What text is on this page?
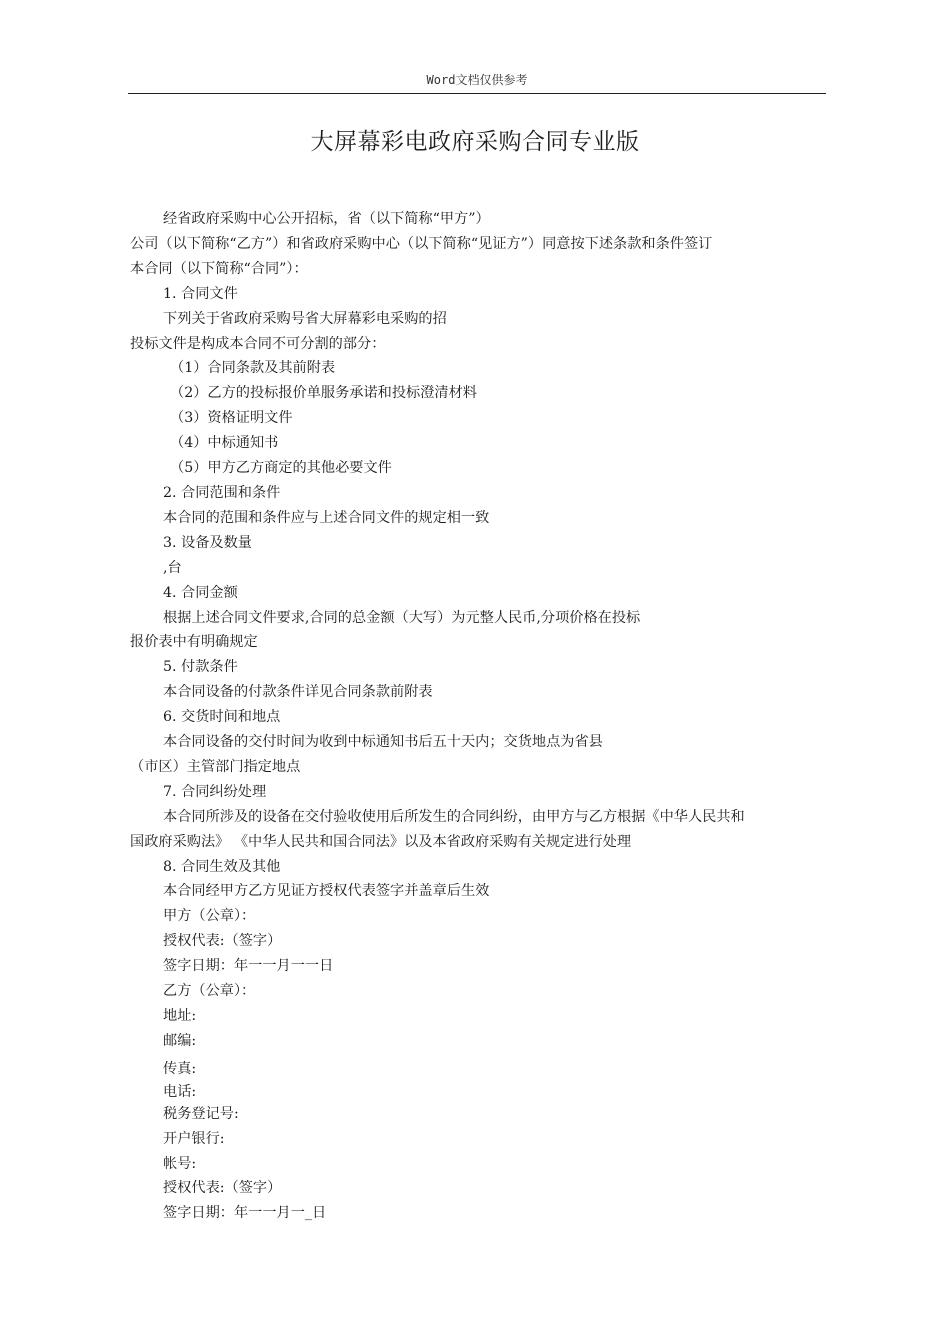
Word文档仅供参考
大屏幕彩电政府采购合同专业版

经省政府采购中心公开招标，省（以下简称“甲方”）

公司（以下简称“乙方”）和省政府采购中心（以下简称“见证方”）同意按下述条款和条件签订

本合同（以下简称“合同”）：

1. 合同文件

下列关于省政府采购号省大屏幕彩电采购的招

投标文件是构成本合同不可分割的部分：

（1）合同条款及其前附表

（2）乙方的投标报价单服务承诺和投标澄清材料

（3）资格证明文件

（4）中标通知书

（5）甲方乙方商定的其他必要文件

2. 合同范围和条件

本合同的范围和条件应与上述合同文件的规定相一致

3. 设备及数量

,台

4. 合同金额

根据上述合同文件要求,合同的总金额（大写）为元整人民币,分项价格在投标

报价表中有明确规定

5. 付款条件

本合同设备的付款条件详见合同条款前附表

6. 交货时间和地点

本合同设备的交付时间为收到中标通知书后五十天内；交货地点为省县

（市区）主管部门指定地点

7. 合同纠纷处理

本合同所涉及的设备在交付验收使用后所发生的合同纠纷，由甲方与乙方根据《中华人民共和

国政府采购法》 《中华人民共和国合同法》以及本省政府采购有关规定进行处理

8. 合同生效及其他

本合同经甲方乙方见证方授权代表签字并盖章后生效

甲方（公章）：

授权代表:（签字）

签字日期：年一一月一一日

乙方（公章）：

地址:

邮编:

传真:

电话:

税务登记号:

开户银行:

帐号:

授权代表:（签字）

签字日期：年一一月一_日
